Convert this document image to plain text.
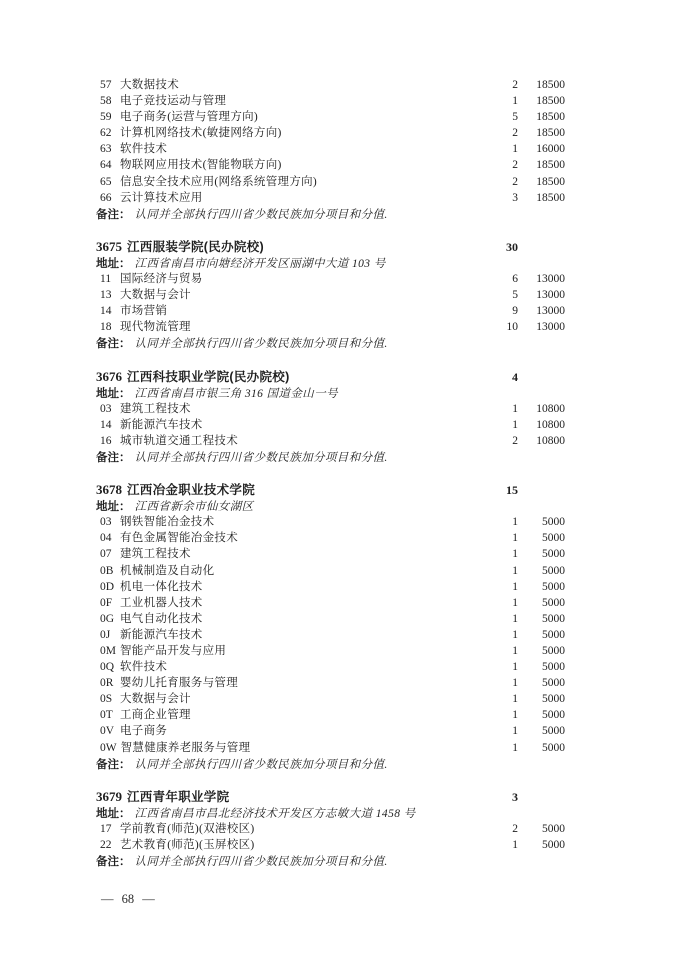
57 大数据技术	2	18500
58 电子竞技运动与管理	1	18500
59 电子商务(运营与管理方向)	5	18500
62 计算机网络技术(敏捷网络方向)	2	18500
63 软件技术	1	16000
64 物联网应用技术(智能物联方向)	2	18500
65 信息安全技术应用(网络系统管理方向)	2	18500
66 云计算技术应用	3	18500
备注： 认同并全部执行四川省少数民族加分项目和分值.
3675 江西服装学院(民办院校)	30
地址： 江西省南昌市向塘经济开发区丽湖中大道 103 号
11 国际经济与贸易	6	13000
13 大数据与会计	5	13000
14 市场营销	9	13000
18 现代物流管理	10	13000
备注： 认同并全部执行四川省少数民族加分项目和分值.
3676 江西科技职业学院(民办院校)	4
地址： 江西省南昌市银三角 316 国道金山一号
03 建筑工程技术	1	10800
14 新能源汽车技术	1	10800
16 城市轨道交通工程技术	2	10800
备注： 认同并全部执行四川省少数民族加分项目和分值.
3678 江西冶金职业技术学院	15
地址： 江西省新余市仙女湖区
03 钢铁智能冶金技术	1	5000
04 有色金属智能冶金技术	1	5000
07 建筑工程技术	1	5000
0B 机械制造及自动化	1	5000
0D 机电一体化技术	1	5000
0F 工业机器人技术	1	5000
0G 电气自动化技术	1	5000
0J 新能源汽车技术	1	5000
0M 智能产品开发与应用	1	5000
0Q 软件技术	1	5000
0R 婴幼儿托育服务与管理	1	5000
0S 大数据与会计	1	5000
0T 工商企业管理	1	5000
0V 电子商务	1	5000
0W 智慧健康养老服务与管理	1	5000
备注： 认同并全部执行四川省少数民族加分项目和分值.
3679 江西青年职业学院	3
地址： 江西省南昌市昌北经济技术开发区方志敏大道 1458 号
17 学前教育(师范)(双港校区)	2	5000
22 艺术教育(师范)(玉屏校区)	1	5000
备注： 认同并全部执行四川省少数民族加分项目和分值.
— 68 —
